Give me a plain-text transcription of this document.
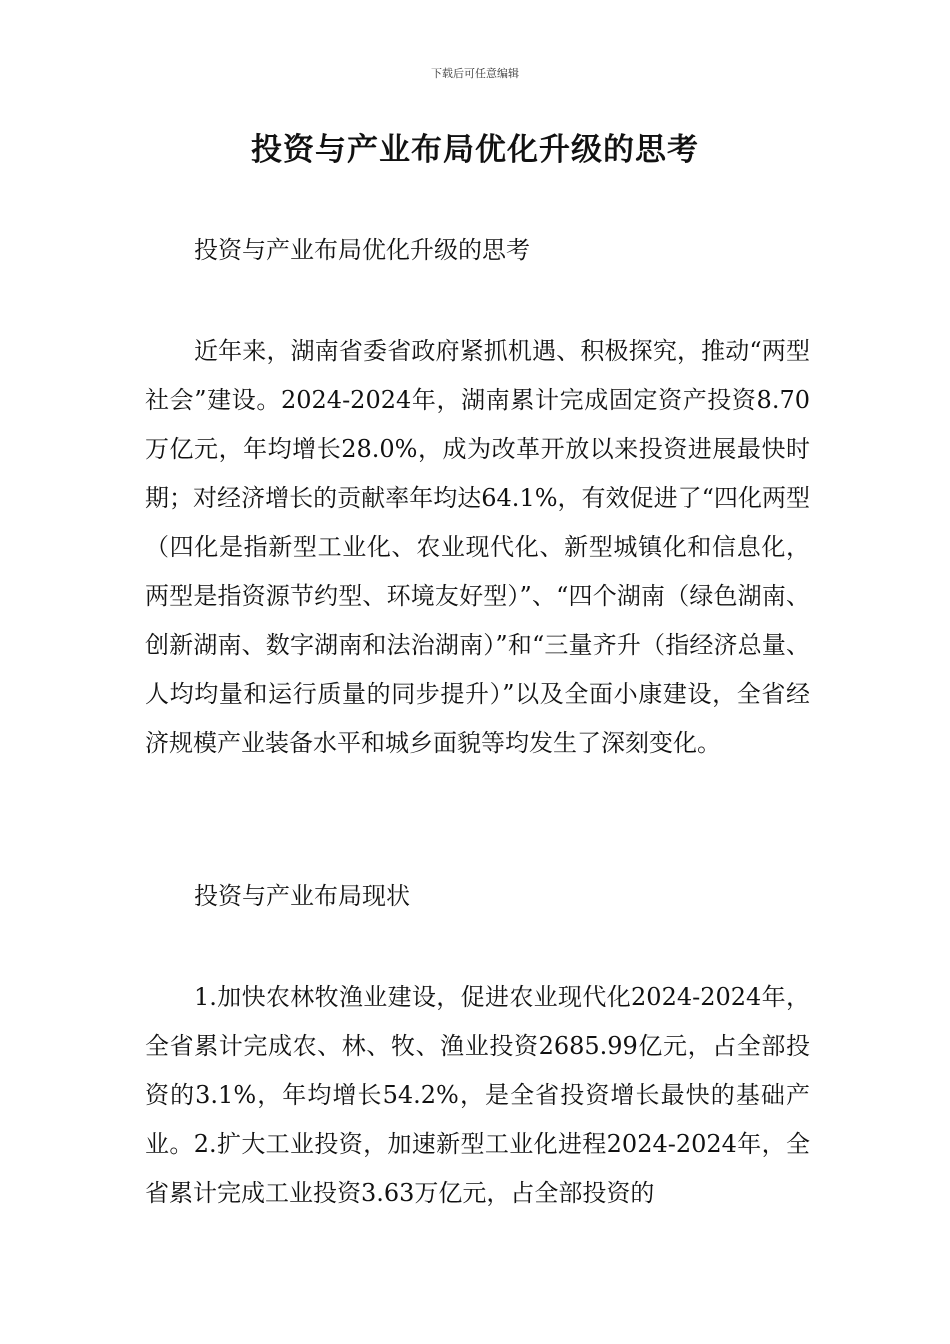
下载后可任意编辑
投资与产业布局优化升级的思考

投资与产业布局优化升级的思考

近年来，湖南省委省政府紧抓机遇、积极探究，推动“两型社会”建设。2024-2024年，湖南累计完成固定资产投资8.70万亿元，年均增长28.0%，成为改革开放以来投资进展最快时期；对经济增长的贡献率年均达64.1%，有效促进了“四化两型（四化是指新型工业化、农业现代化、新型城镇化和信息化，两型是指资源节约型、环境友好型）”、“四个湖南（绿色湖南、创新湖南、数字湖南和法治湖南）”和“三量齐升（指经济总量、人均均量和运行质量的同步提升）”以及全面小康建设，全省经济规模产业装备水平和城乡面貌等均发生了深刻变化。

投资与产业布局现状

1.加快农林牧渔业建设，促进农业现代化2024-2024年，全省累计完成农、林、牧、渔业投资2685.99亿元，占全部投资的3.1%，年均增长54.2%，是全省投资增长最快的基础产业。2.扩大工业投资，加速新型工业化进程2024-2024年，全省累计完成工业投资3.63万亿元，占全部投资的
